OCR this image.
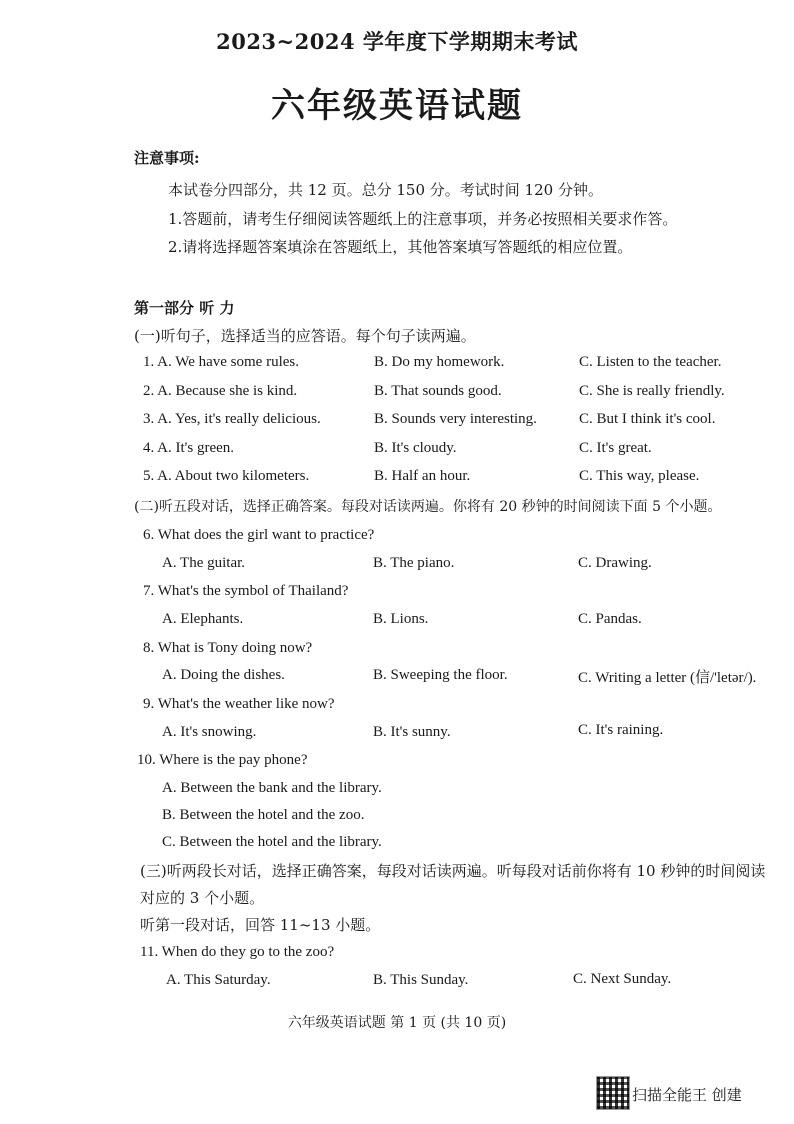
2023~2024 学年度下学期期末考试
六年级英语试题
注意事项:
本试卷分四部分，共 12 页。总分 150 分。考试时间 120 分钟。
1.答题前，请考生仔细阅读答题纸上的注意事项，并务必按照相关要求作答。
2.请将选择题答案填涂在答题纸上，其他答案填写答题纸的相应位置。
第一部分 听 力
(一)听句子，选择适当的应答语。每个句子读两遍。
1. A. We have some rules.	B. Do my homework.	C. Listen to the teacher.
2. A. Because she is kind.	B. That sounds good.	C. She is really friendly.
3. A. Yes, it's really delicious.	B. Sounds very interesting.	C. But I think it's cool.
4. A. It's green.	B. It's cloudy.	C. It's great.
5. A. About two kilometers.	B. Half an hour.	C. This way, please.
(二)听五段对话，选择正确答案。每段对话读两遍。你将有 20 秒钟的时间阅读下面 5 个小题。
6. What does the girl want to practice?
A. The guitar.	B. The piano.	C. Drawing.
7. What's the symbol of Thailand?
A. Elephants.	B. Lions.	C. Pandas.
8. What is Tony doing now?
A. Doing the dishes.	B. Sweeping the floor.	C. Writing a letter (信/'letər/).
9. What's the weather like now?
A. It's snowing.	B. It's sunny.	C. It's raining.
10. Where is the pay phone?
A. Between the bank and the library.
B. Between the hotel and the zoo.
C. Between the hotel and the library.
(三)听两段长对话，选择正确答案，每段对话读两遍。听每段对话前你将有 10 秒钟的时间阅读
对应的 3 个小题。
听第一段对话，回答 11~13 小题。
11. When do they go to the zoo?
A. This Saturday.	B. This Sunday.	C. Next Sunday.
六年级英语试题 第 1 页 (共 10 页)
扫描全能王 创建
